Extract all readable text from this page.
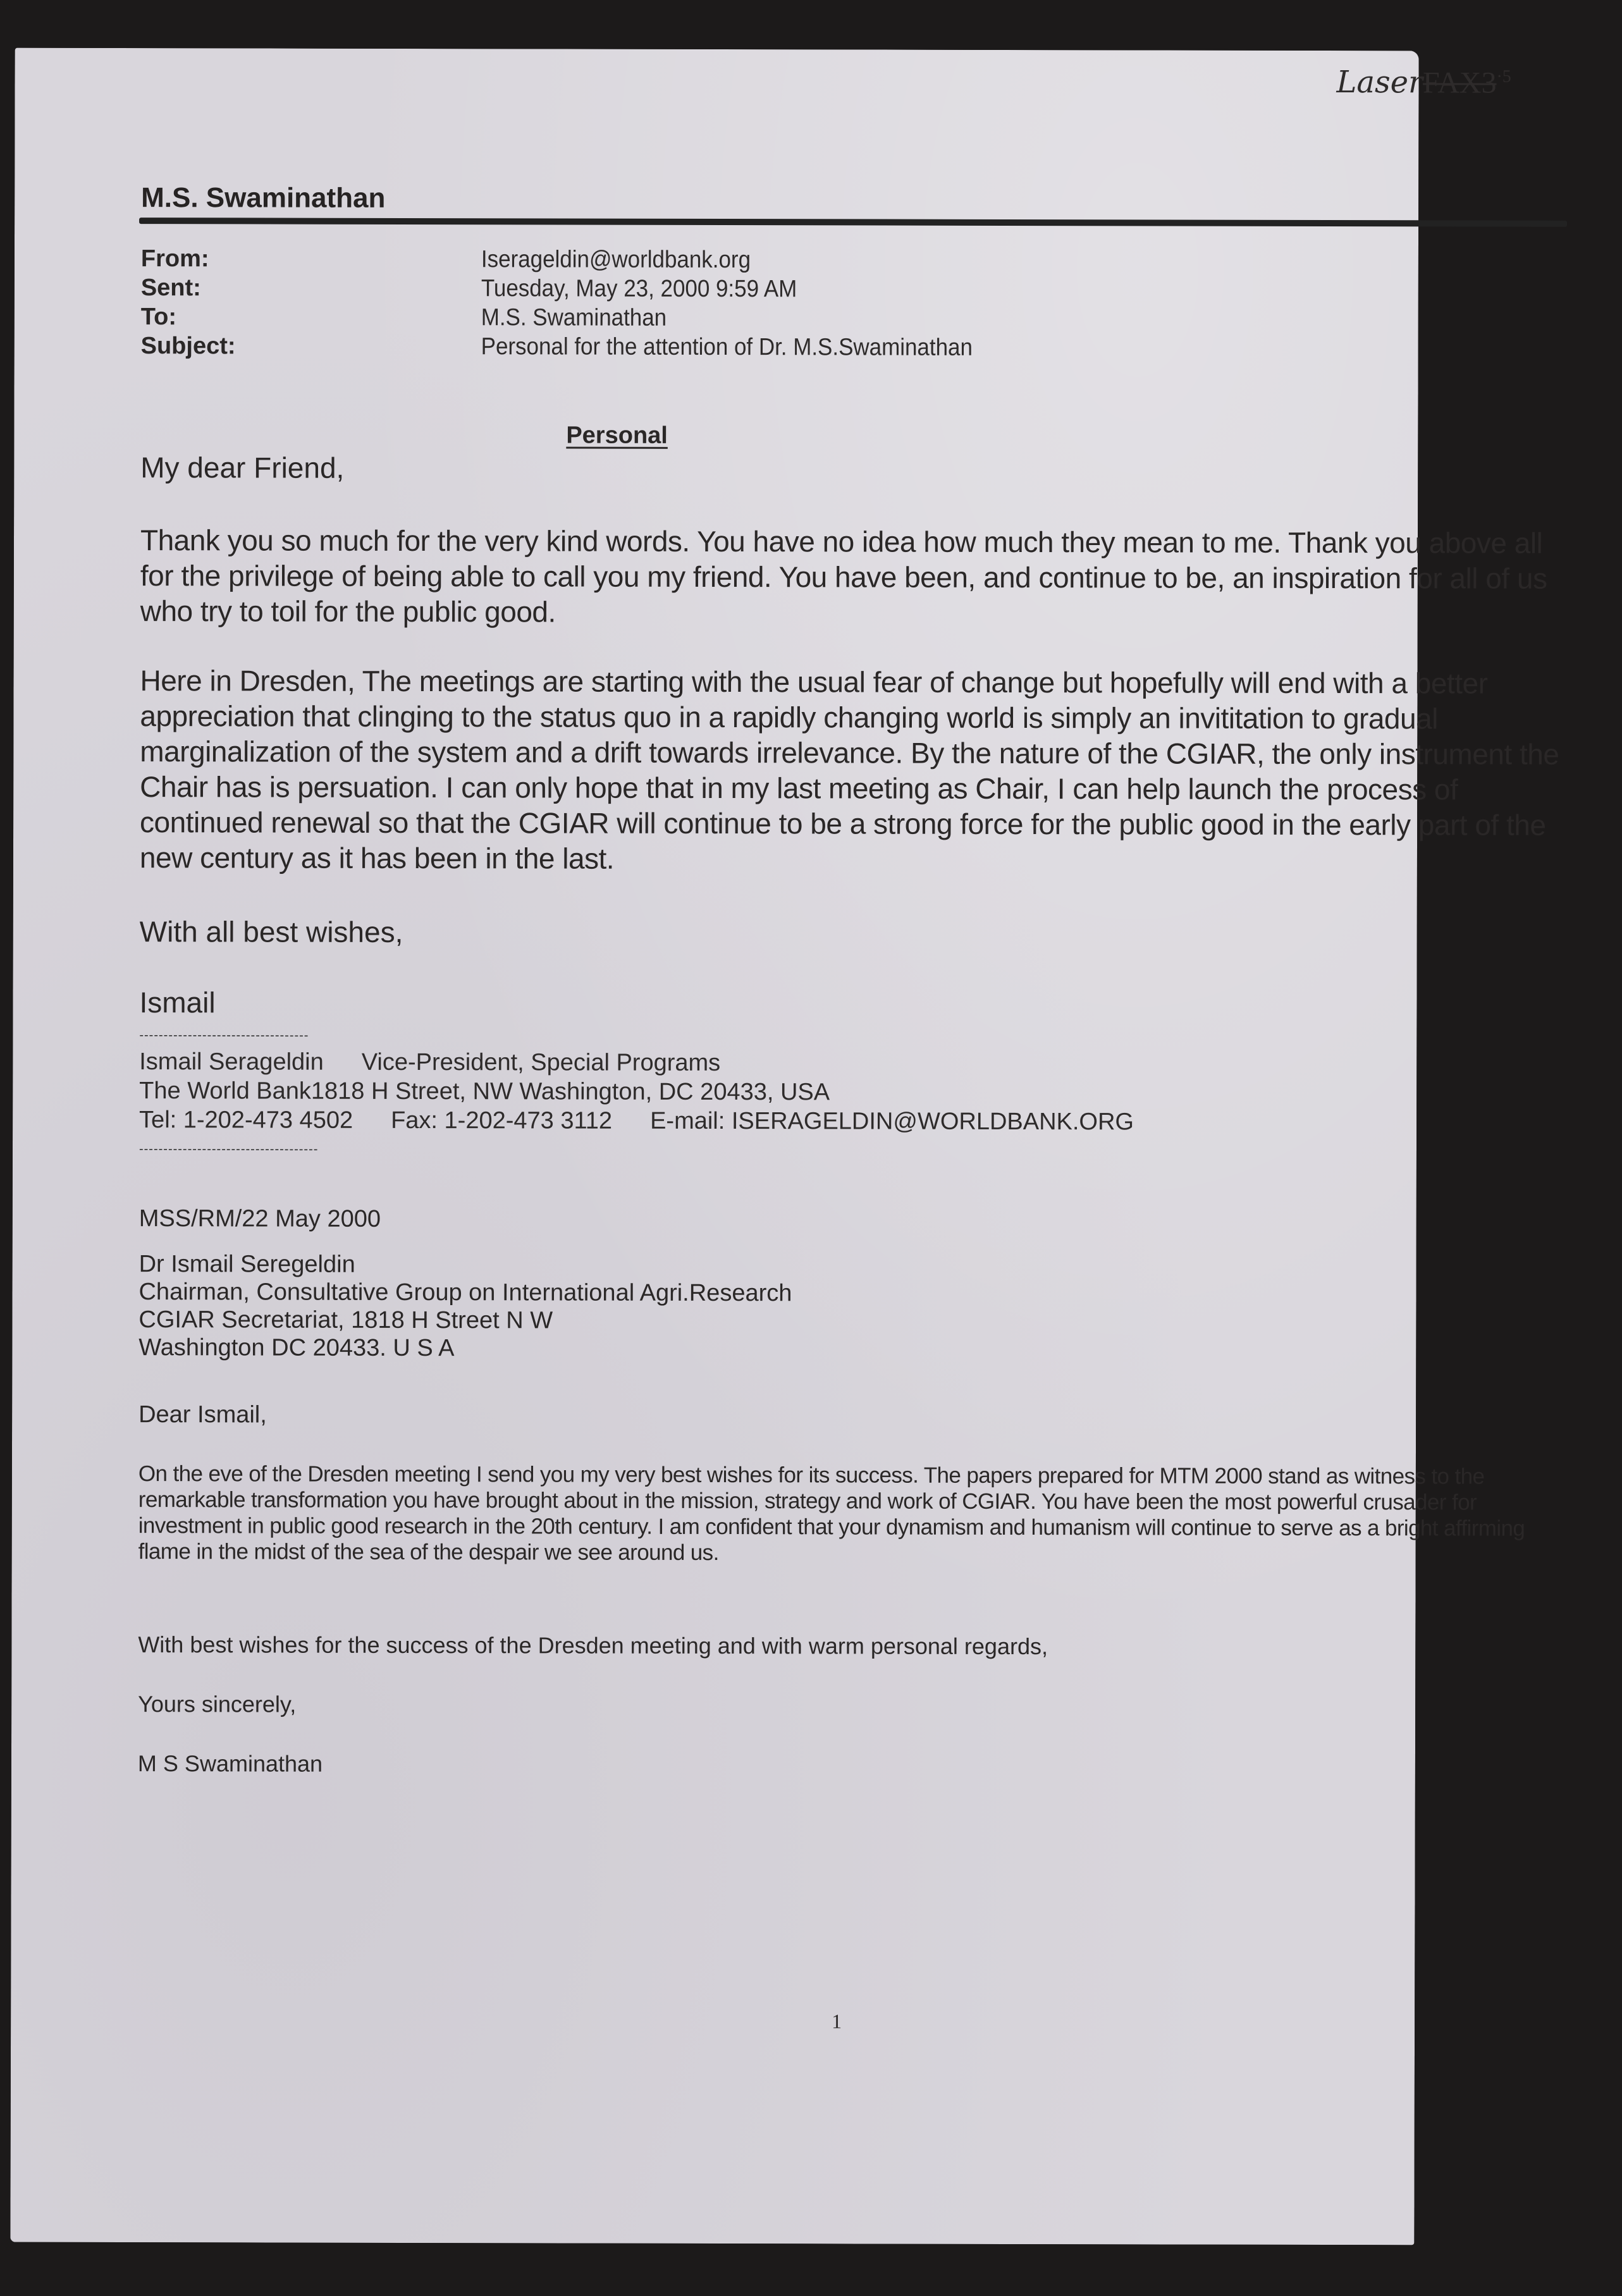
$LaserFAX3^{\cdot 5}$
M.S. Swaminathan
From:	Iserageldin@worldbank.org
Sent:	Tuesday, May 23, 2000 9:59 AM
To:	M.S. Swaminathan
Subject:	Personal for the attention of Dr. M.S.Swaminathan
Personal
My dear Friend,
Thank you so much for the very kind words. You have no idea how much they mean to me. Thank you above all for the privilege of being able to call you my friend. You have been, and continue to be, an inspiration for all of us who try to toil for the public good.
Here in Dresden, The meetings are starting with the usual fear of change but hopefully will end with a better appreciation that clinging to the status quo in a rapidly changing world is simply an invititation to gradual marginalization of the system and a drift towards irrelevance. By the nature of the CGIAR, the only instrument the Chair has is persuation. I can only hope that in my last meeting as Chair, I can help launch the process of continued renewal so that the CGIAR will continue to be a strong force for the public good in the early part of the new century as it has been in the last.
With all best wishes,
Ismail
-----------------------------------
Ismail Serageldin Vice-President, Special Programs
The World Bank1818 H Street, NW Washington, DC 20433, USA
Tel: 1-202-473 4502 Fax: 1-202-473 3112 E-mail: ISERAGELDIN@WORLDBANK.ORG
-------------------------------------
MSS/RM/22 May 2000
Dr Ismail Seregeldin
Chairman, Consultative Group on International Agri.Research
CGIAR Secretariat, 1818 H Street N W
Washington DC 20433. U S A
Dear Ismail,
On the eve of the Dresden meeting I send you my very best wishes for its success. The papers prepared for MTM 2000 stand as witness to the remarkable transformation you have brought about in the mission, strategy and work of CGIAR. You have been the most powerful crusader for investment in public good research in the 20th century. I am confident that your dynamism and humanism will continue to serve as a bright affirming flame in the midst of the sea of the despair we see around us.
With best wishes for the success of the Dresden meeting and with warm personal regards,
Yours sincerely,
M S Swaminathan
1
